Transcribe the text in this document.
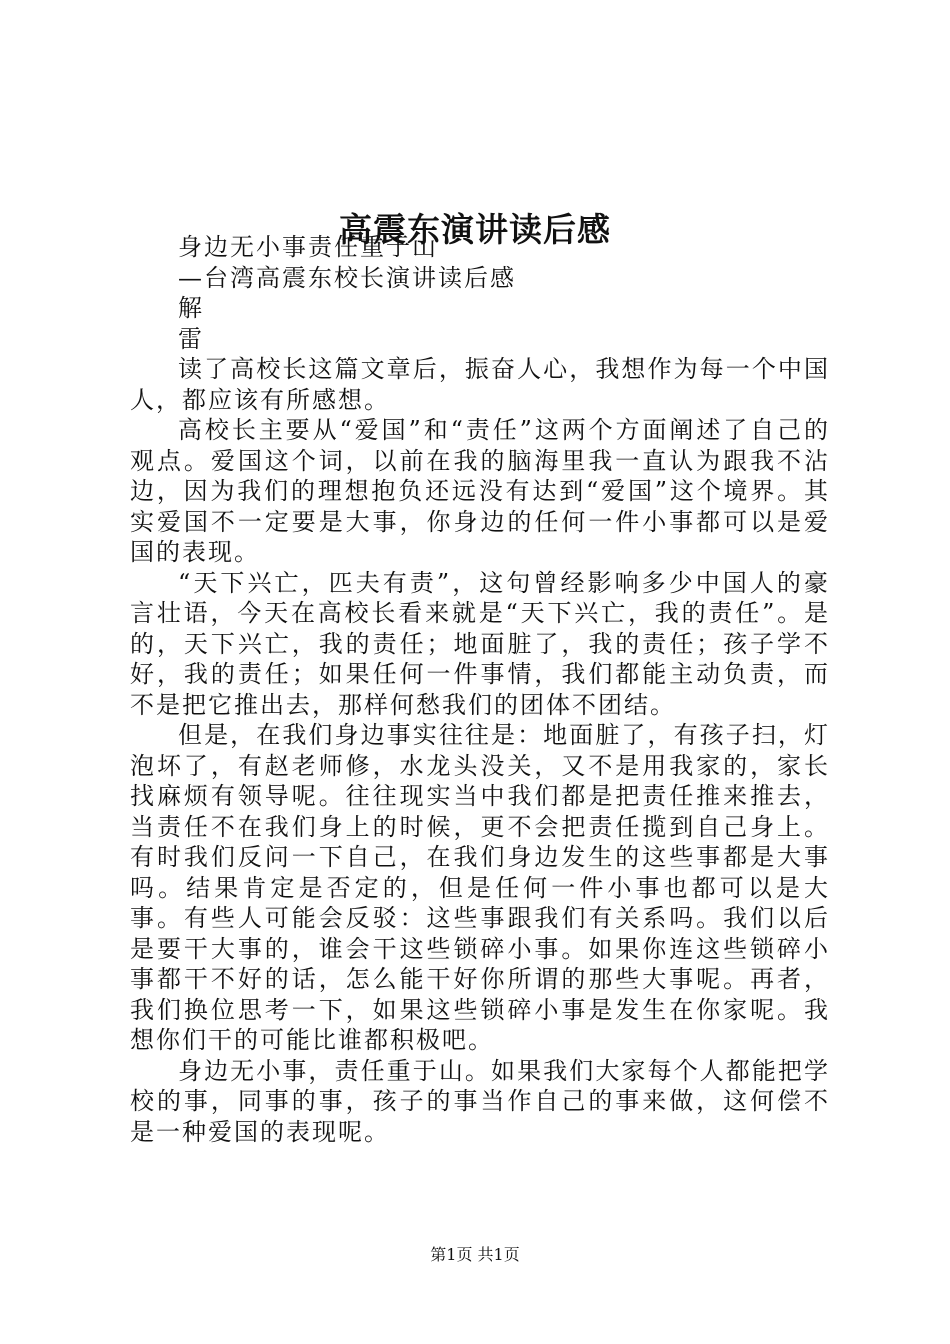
高震东演讲读后感

身边无小事责任重于山

—台湾高震东校长演讲读后感

解

雷

读了高校长这篇文章后，振奋人心，我想作为每一个中国人，都应该有所感想。

高校长主要从“爱国”和“责任”这两个方面阐述了自己的观点。爱国这个词，以前在我的脑海里我一直认为跟我不沾边，因为我们的理想抱负还远没有达到“爱国”这个境界。其实爱国不一定要是大事，你身边的任何一件小事都可以是爱国的表现。

“天下兴亡，匹夫有责”，这句曾经影响多少中国人的豪言壮语，今天在高校长看来就是“天下兴亡，我的责任”。是的，天下兴亡，我的责任；地面脏了，我的责任；孩子学不好，我的责任；如果任何一件事情，我们都能主动负责，而不是把它推出去，那样何愁我们的团体不团结。

但是，在我们身边事实往往是：地面脏了，有孩子扫，灯泡坏了，有赵老师修，水龙头没关，又不是用我家的，家长找麻烦有领导呢。往往现实当中我们都是把责任推来推去，当责任不在我们身上的时候，更不会把责任揽到自己身上。有时我们反问一下自己，在我们身边发生的这些事都是大事吗。结果肯定是否定的，但是任何一件小事也都可以是大事。有些人可能会反驳：这些事跟我们有关系吗。我们以后是要干大事的，谁会干这些锁碎小事。如果你连这些锁碎小事都干不好的话，怎么能干好你所谓的那些大事呢。再者，我们换位思考一下，如果这些锁碎小事是发生在你家呢。我想你们干的可能比谁都积极吧。

身边无小事，责任重于山。如果我们大家每个人都能把学校的事，同事的事，孩子的事当作自己的事来做，这何偿不是一种爱国的表现呢。

第1页 共1页
